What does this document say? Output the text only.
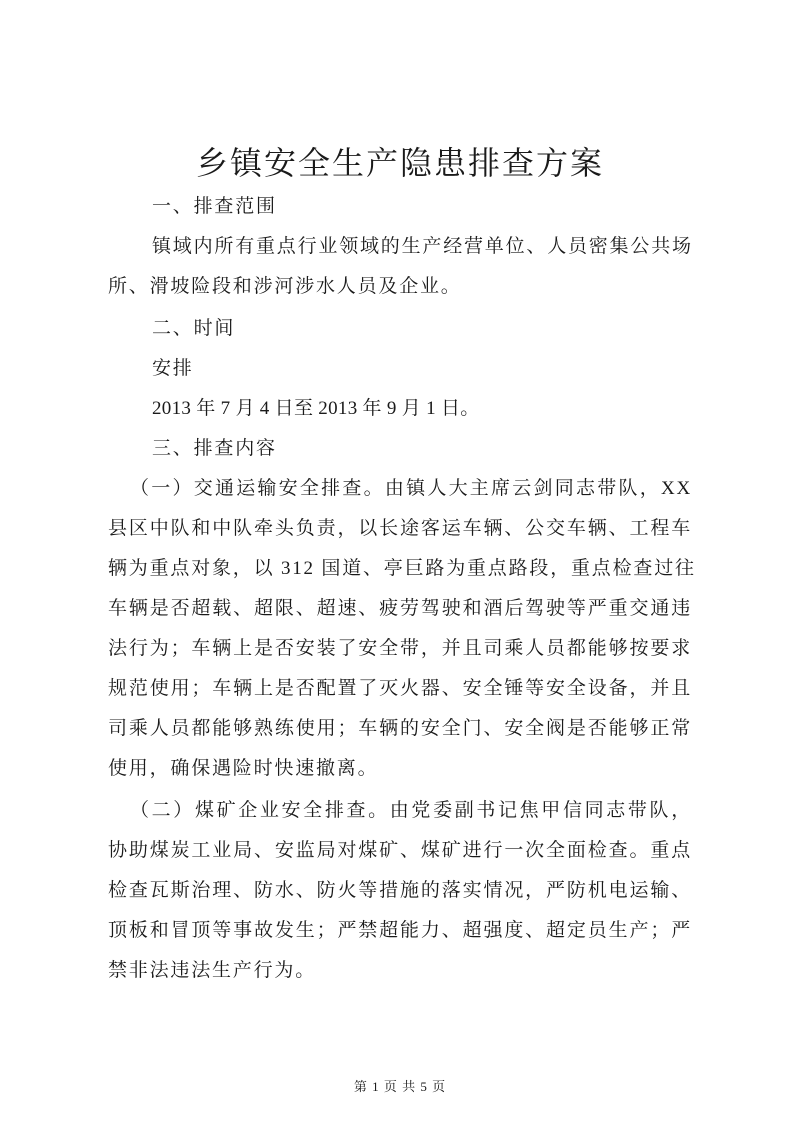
乡镇安全生产隐患排查方案
一、排查范围
镇域内所有重点行业领域的生产经营单位、人员密集公共场
所、滑坡险段和涉河涉水人员及企业。
二、时间
安排
2013 年 7 月 4 日至 2013 年 9 月 1 日。
三、排查内容
（一）交通运输安全排查。由镇人大主席云剑同志带队，XX
县区中队和中队牵头负责，以长途客运车辆、公交车辆、工程车
辆为重点对象，以 312 国道、亭巨路为重点路段，重点检查过往
车辆是否超载、超限、超速、疲劳驾驶和酒后驾驶等严重交通违
法行为；车辆上是否安装了安全带，并且司乘人员都能够按要求
规范使用；车辆上是否配置了灭火器、安全锤等安全设备，并且
司乘人员都能够熟练使用；车辆的安全门、安全阀是否能够正常
使用，确保遇险时快速撤离。
（二）煤矿企业安全排查。由党委副书记焦甲信同志带队，
协助煤炭工业局、安监局对煤矿、煤矿进行一次全面检查。重点
检查瓦斯治理、防水、防火等措施的落实情况，严防机电运输、
顶板和冒顶等事故发生；严禁超能力、超强度、超定员生产；严
禁非法违法生产行为。
第 1 页 共 5 页
